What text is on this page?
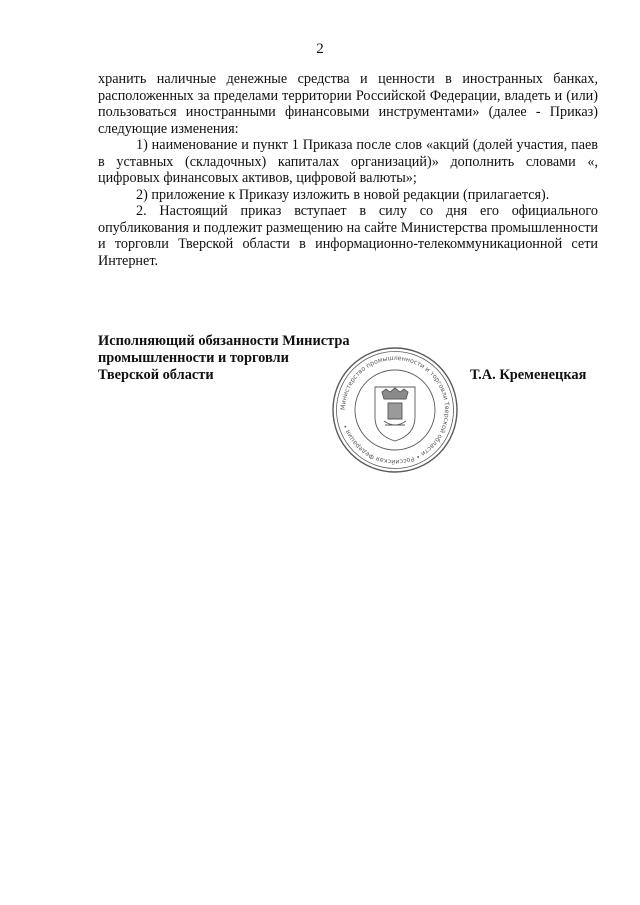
2

хранить наличные денежные средства и ценности в иностранных банках, расположенных за пределами территории Российской Федерации, владеть и (или) пользоваться иностранными финансовыми инструментами» (далее - Приказ) следующие изменения:

1) наименование и пункт 1 Приказа после слов «акций (долей участия, паев в уставных (складочных) капиталах организаций)» дополнить словами «, цифровых финансовых активов, цифровой валюты»;

2) приложение к Приказу изложить в новой редакции (прилагается).

2. Настоящий приказ вступает в силу со дня его официального опубликования и подлежит размещению на сайте Министерства промышленности и торговли Тверской области в информационно-телекоммуникационной сети Интернет.

Исполняющий обязанности Министра
промышленности и торговли
Тверской области	Т.А. Кременецкая
Министерство промышленности и торговли Тверской области • Российская Федерация •
